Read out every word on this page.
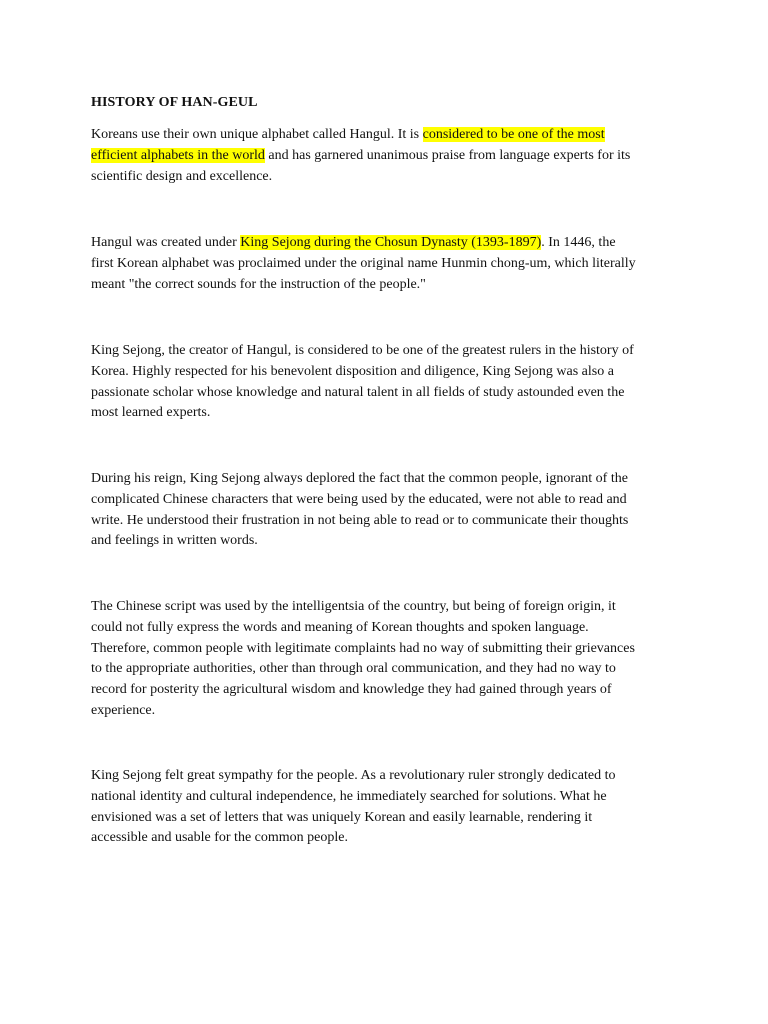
HISTORY OF HAN-GEUL

Koreans use their own unique alphabet called Hangul. It is considered to be one of the most
efficient alphabets in the world and has garnered unanimous praise from language experts for its
scientific design and excellence.

Hangul was created under King Sejong during the Chosun Dynasty (1393-1897). In 1446, the
first Korean alphabet was proclaimed under the original name Hunmin chong-um, which literally
meant "the correct sounds for the instruction of the people."

King Sejong, the creator of Hangul, is considered to be one of the greatest rulers in the history of
Korea. Highly respected for his benevolent disposition and diligence, King Sejong was also a
passionate scholar whose knowledge and natural talent in all fields of study astounded even the
most learned experts.

During his reign, King Sejong always deplored the fact that the common people, ignorant of the
complicated Chinese characters that were being used by the educated, were not able to read and
write. He understood their frustration in not being able to read or to communicate their thoughts
and feelings in written words.

The Chinese script was used by the intelligentsia of the country, but being of foreign origin, it
could not fully express the words and meaning of Korean thoughts and spoken language.
Therefore, common people with legitimate complaints had no way of submitting their grievances
to the appropriate authorities, other than through oral communication, and they had no way to
record for posterity the agricultural wisdom and knowledge they had gained through years of
experience.

King Sejong felt great sympathy for the people. As a revolutionary ruler strongly dedicated to
national identity and cultural independence, he immediately searched for solutions. What he
envisioned was a set of letters that was uniquely Korean and easily learnable, rendering it
accessible and usable for the common people.
